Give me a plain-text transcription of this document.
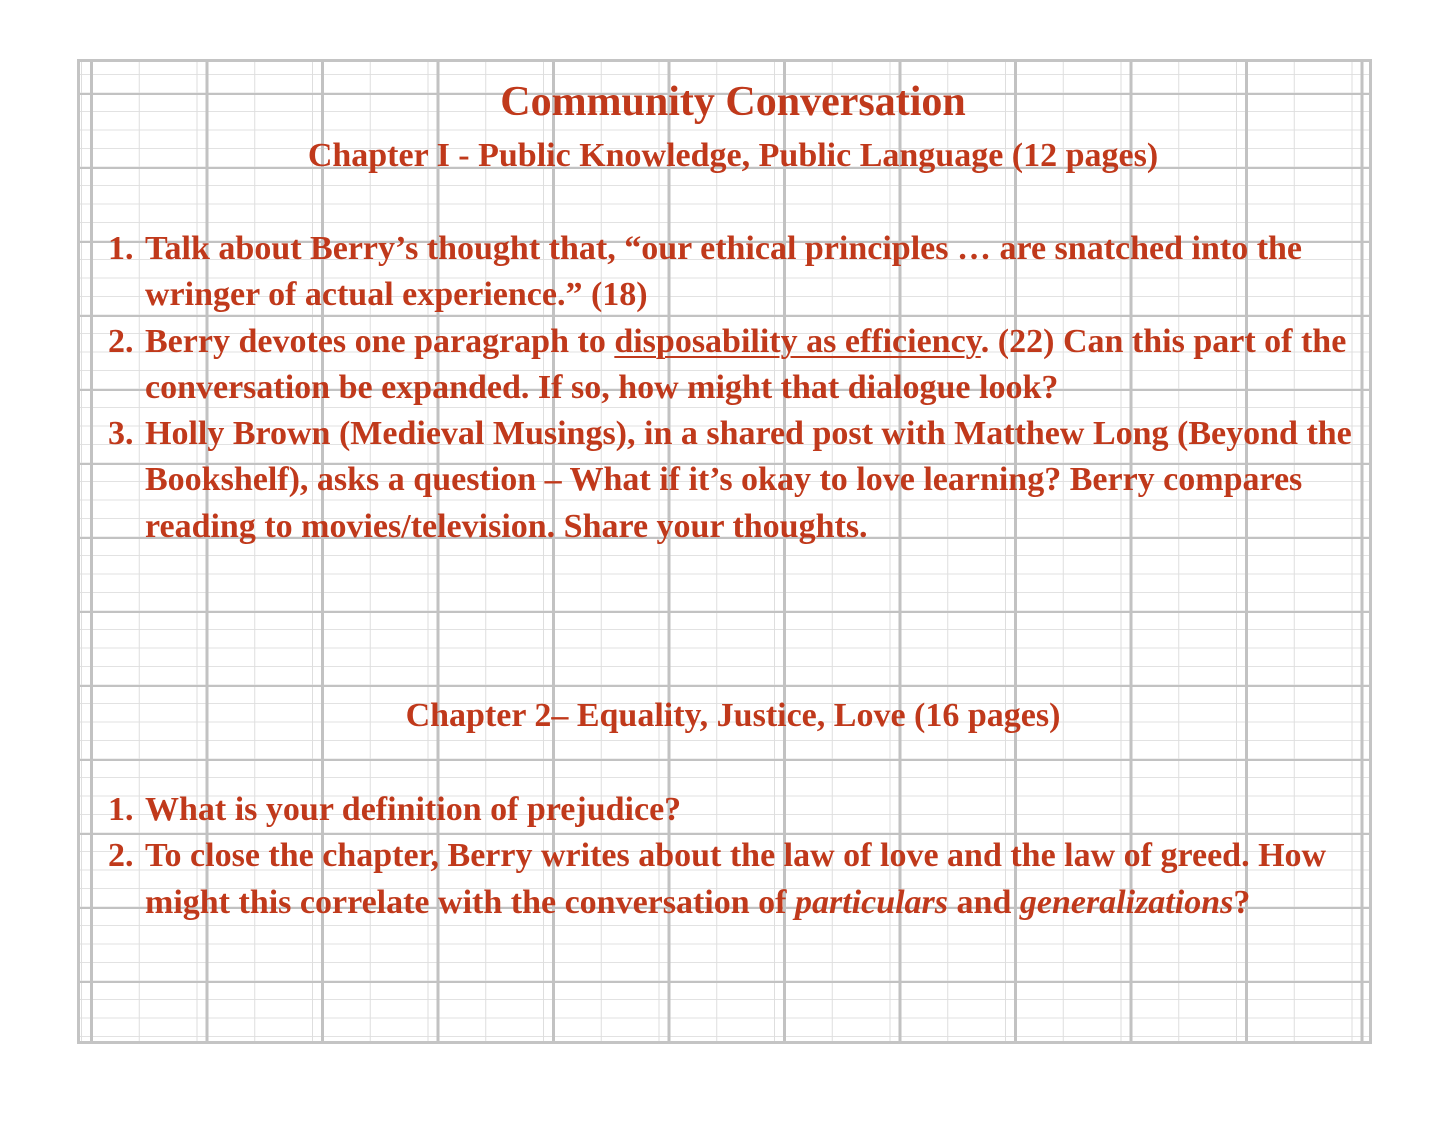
Community Conversation
Chapter I - Public Knowledge, Public Language (12 pages)
1. Talk about Berry’s thought that, “our ethical principles … are snatched into the wringer of actual experience.” (18)
2. Berry devotes one paragraph to disposability as efficiency. (22) Can this part of the conversation be expanded. If so, how might that dialogue look?
3. Holly Brown (Medieval Musings), in a shared post with Matthew Long (Beyond the Bookshelf), asks a question – What if it’s okay to love learning? Berry compares reading to movies/television. Share your thoughts.
Chapter 2– Equality, Justice, Love (16 pages)
1. What is your definition of prejudice?
2. To close the chapter, Berry writes about the law of love and the law of greed. How might this correlate with the conversation of particulars and generalizations?
